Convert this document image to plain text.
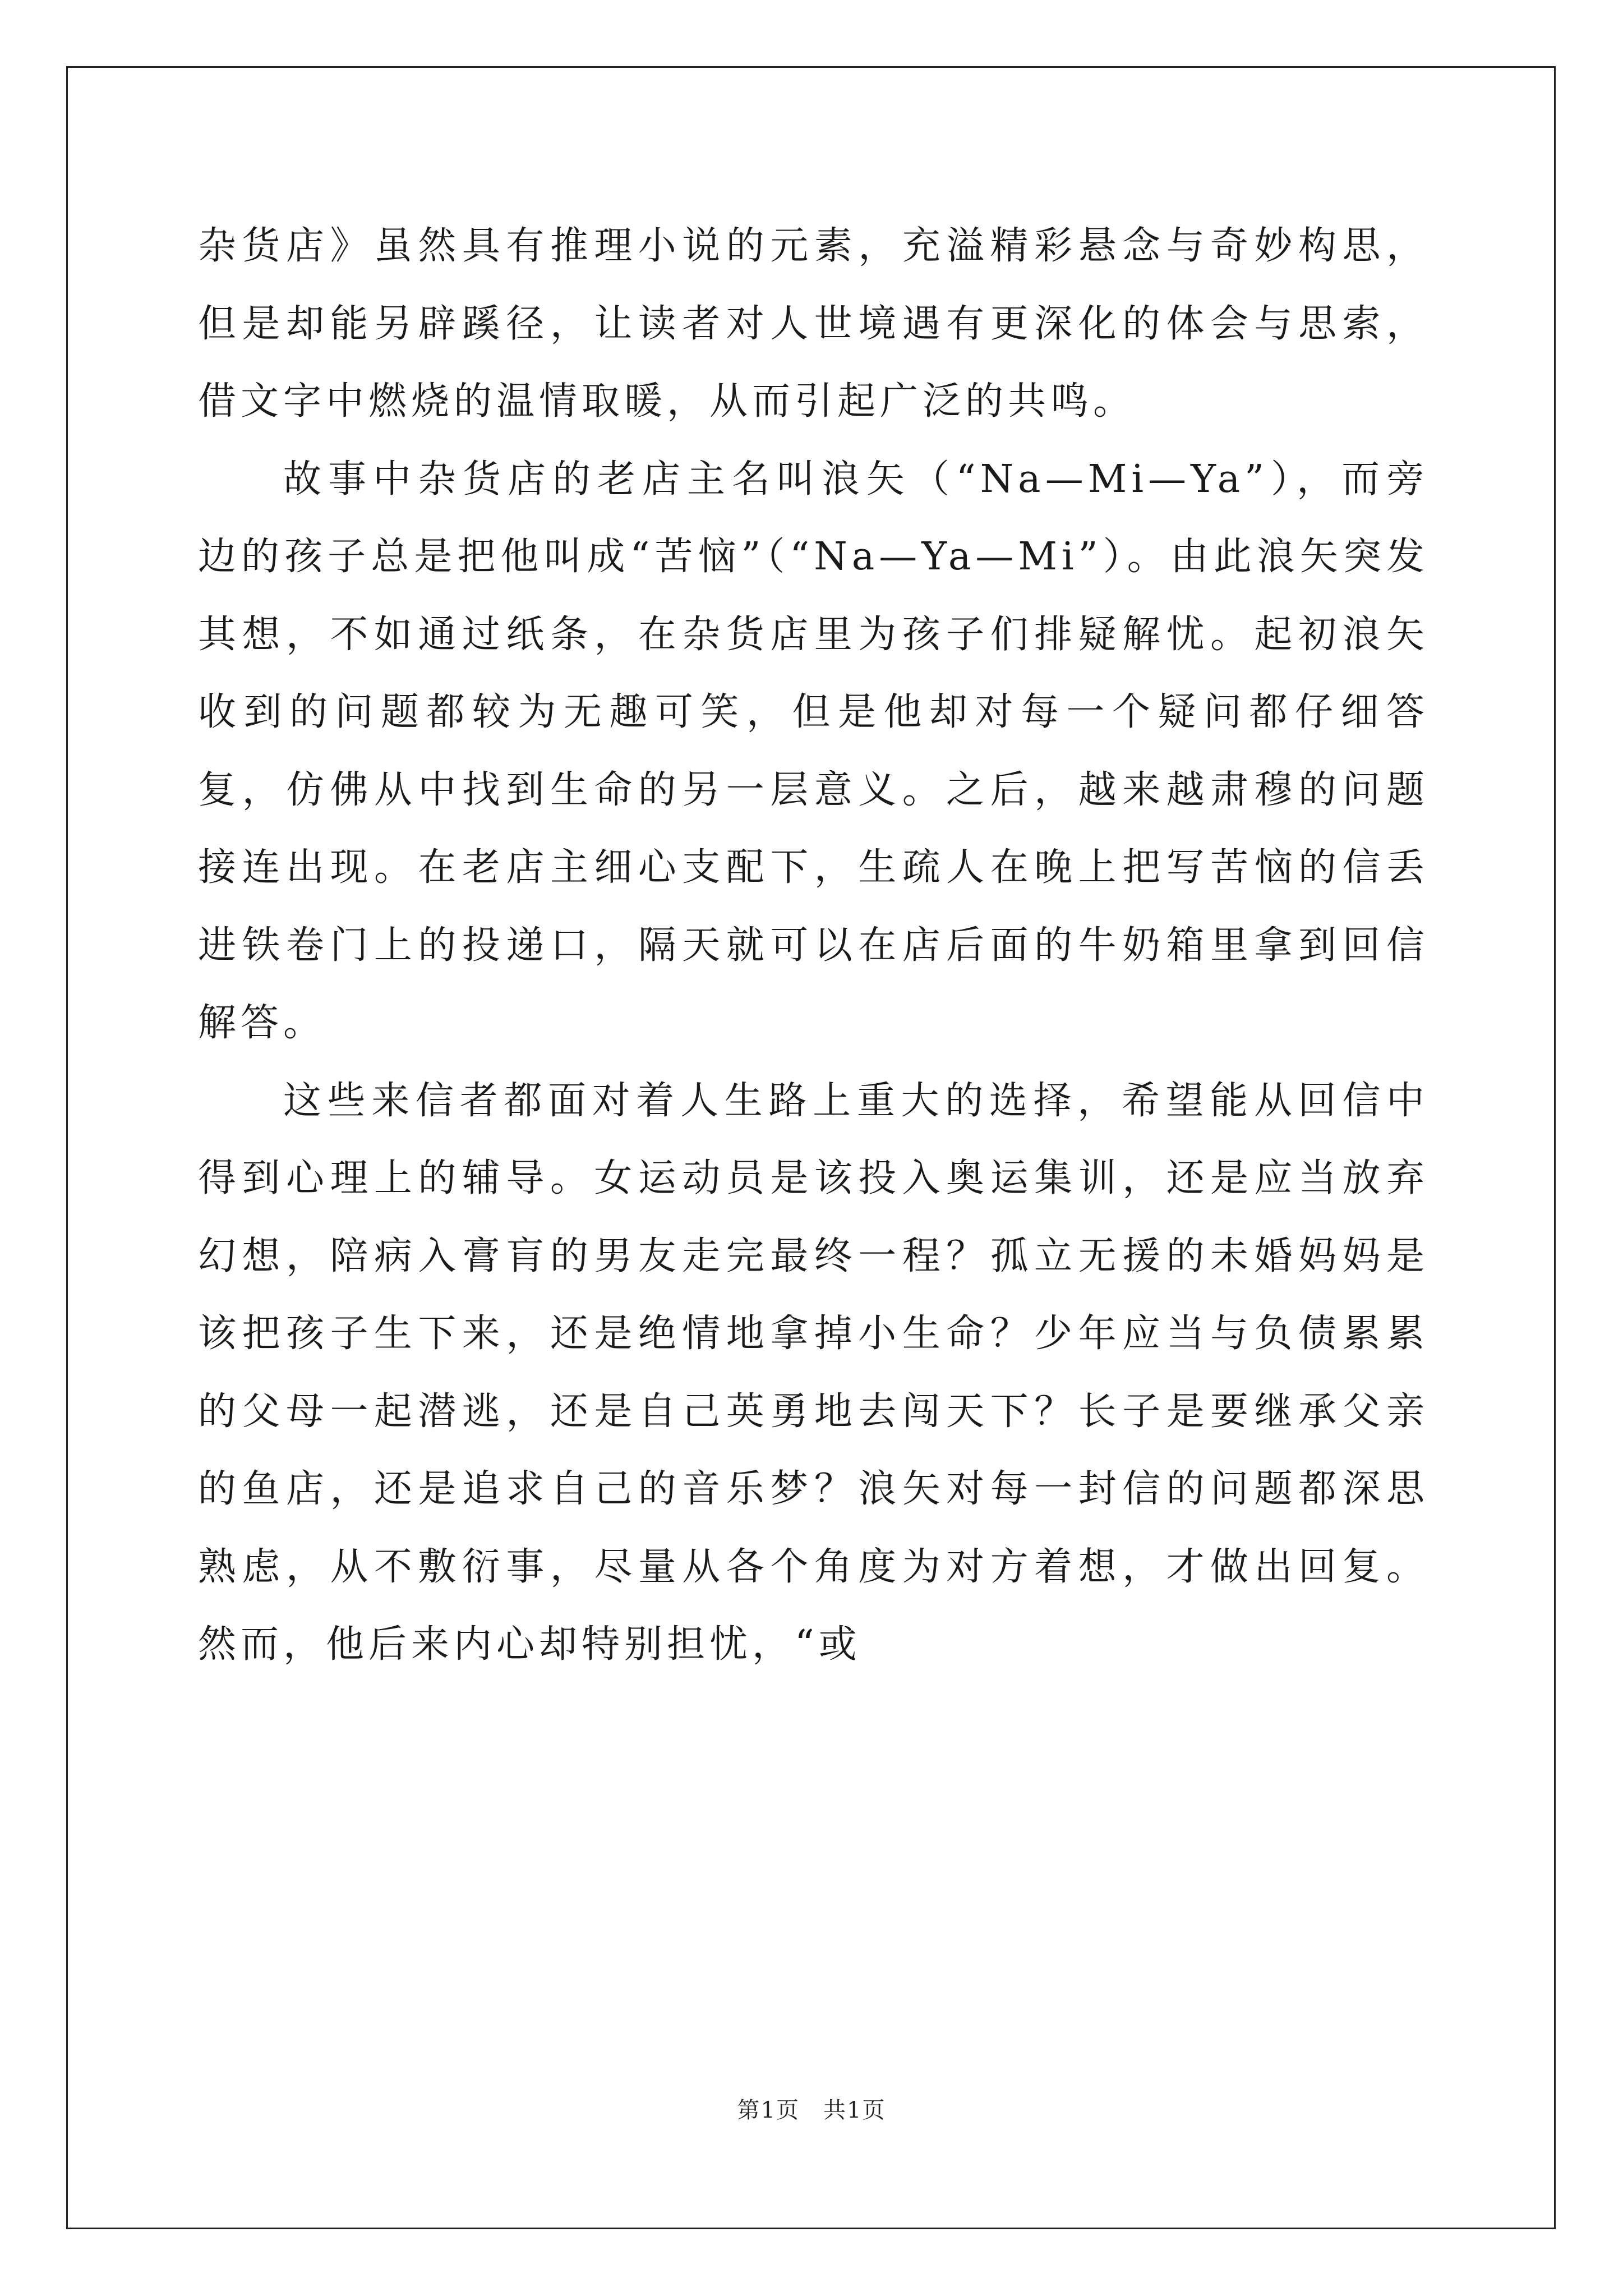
杂货店》虽然具有推理小说的元素，充溢精彩悬念与奇妙构思，但是却能另辟蹊径，让读者对人世境遇有更深化的体会与思索，借文字中燃烧的温情取暖，从而引起广泛的共鸣。

故事中杂货店的老店主名叫浪矢（“Na—Mi—Ya”），而旁边的孩子总是把他叫成“苦恼”（“Na—Ya—Mi”）。由此浪矢突发其想，不如通过纸条，在杂货店里为孩子们排疑解忧。起初浪矢收到的问题都较为无趣可笑，但是他却对每一个疑问都仔细答复，仿佛从中找到生命的另一层意义。之后，越来越肃穆的问题接连出现。在老店主细心支配下，生疏人在晚上把写苦恼的信丢进铁卷门上的投递口，隔天就可以在店后面的牛奶箱里拿到回信解答。

这些来信者都面对着人生路上重大的选择，希望能从回信中得到心理上的辅导。女运动员是该投入奥运集训，还是应当放弃幻想，陪病入膏肓的男友走完最终一程？孤立无援的未婚妈妈是该把孩子生下来，还是绝情地拿掉小生命？少年应当与负债累累的父母一起潜逃，还是自己英勇地去闯天下？长子是要继承父亲的鱼店，还是追求自己的音乐梦？浪矢对每一封信的问题都深思熟虑，从不敷衍事，尽量从各个角度为对方着想，才做出回复。然而，他后来内心却特别担忧，“或

第1页　共1页
